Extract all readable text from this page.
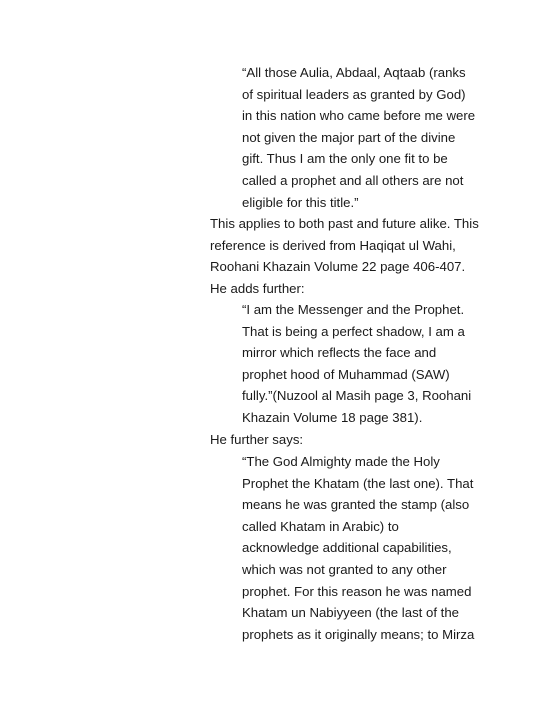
“All those Aulia, Abdaal, Aqtaab (ranks
of spiritual leaders as granted by God)
in this nation who came before me were
not given the major part of the divine
gift. Thus I am the only one fit to be
called a prophet and all others are not
eligible for this title.”
This applies to both past and future alike. This
reference is derived from Haqiqat ul Wahi,
Roohani Khazain Volume 22 page 406-407.
He adds further:
“I am the Messenger and the Prophet.
That is being a perfect shadow, I am a
mirror which reflects the face and
prophet hood of Muhammad (SAW)
fully.”(Nuzool al Masih page 3, Roohani
Khazain Volume 18 page 381).
He further says:
“The God Almighty made the Holy
Prophet the Khatam (the last one). That
means he was granted the stamp (also
called Khatam in Arabic) to
acknowledge additional capabilities,
which was not granted to any other
prophet. For this reason he was named
Khatam un Nabiyyeen (the last of the
prophets as it originally means; to Mirza
